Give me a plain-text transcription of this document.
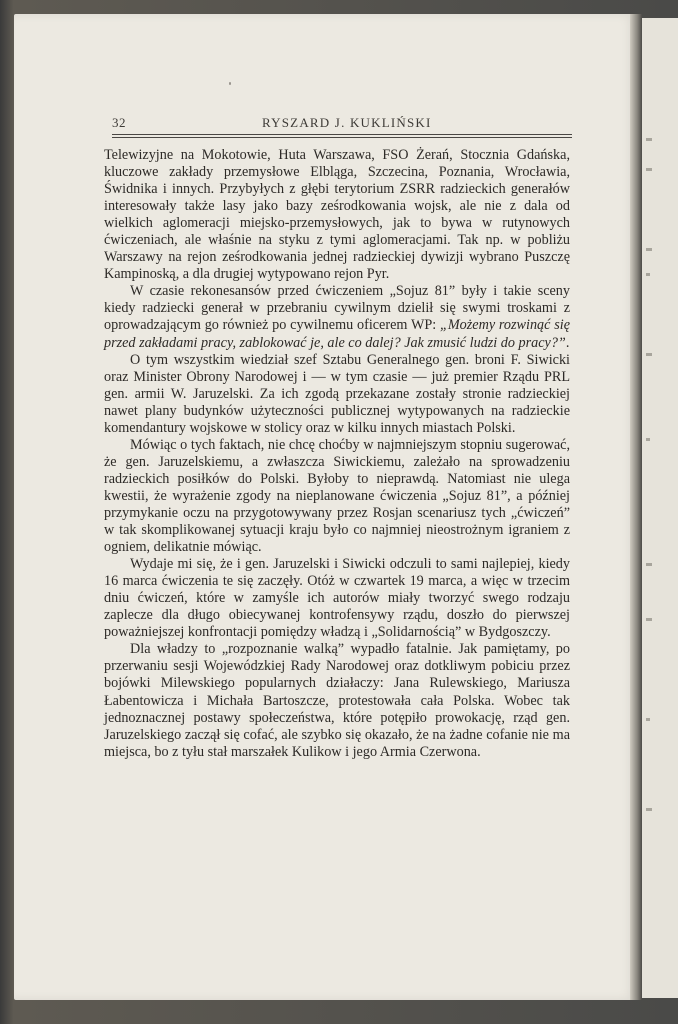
32	RYSZARD J. KUKLIŃSKI

Telewizyjne na Mokotowie, Huta Warszawa, FSO Żerań, Stocznia Gdańska, kluczowe zakłady przemysłowe Elbląga, Szczecina, Poznania, Wrocławia, Świdnika i innych. Przybyłych z głębi terytorium ZSRR radzieckich generałów interesowały także lasy jako bazy ześrodkowania wojsk, ale nie z dala od wielkich aglomeracji miejsko-przemysłowych, jak to bywa w rutynowych ćwiczeniach, ale właśnie na styku z tymi aglomeracjami. Tak np. w pobliżu Warszawy na rejon ześrodkowania jednej radzieckiej dywizji wybrano Puszczę Kampinoską, a dla drugiej wytypowano rejon Pyr.

W czasie rekonesansów przed ćwiczeniem „Sojuz 81” były i takie sceny kiedy radziecki generał w przebraniu cywilnym dzielił się swymi troskami z oprowadzającym go również po cywilnemu oficerem WP: „Możemy rozwinąć się przed zakładami pracy, zablokować je, ale co dalej? Jak zmusić ludzi do pracy?”.

O tym wszystkim wiedział szef Sztabu Generalnego gen. broni F. Siwicki oraz Minister Obrony Narodowej i — w tym czasie — już premier Rządu PRL gen. armii W. Jaruzelski. Za ich zgodą przekazane zostały stronie radzieckiej nawet plany budynków użyteczności publicznej wytypowanych na radzieckie komendantury wojskowe w stolicy oraz w kilku innych miastach Polski.

Mówiąc o tych faktach, nie chcę choćby w najmniejszym stopniu sugerować, że gen. Jaruzelskiemu, a zwłaszcza Siwickiemu, zależało na sprowadzeniu radzieckich posiłków do Polski. Byłoby to nieprawdą. Natomiast nie ulega kwestii, że wyrażenie zgody na nieplanowane ćwiczenia „Sojuz 81”, a później przymykanie oczu na przygotowywany przez Rosjan scenariusz tych „ćwiczeń” w tak skomplikowanej sytuacji kraju było co najmniej nieostrożnym igraniem z ogniem, delikatnie mówiąc.

Wydaje mi się, że i gen. Jaruzelski i Siwicki odczuli to sami najlepiej, kiedy 16 marca ćwiczenia te się zaczęły. Otóż w czwartek 19 marca, a więc w trzecim dniu ćwiczeń, które w zamyśle ich autorów miały tworzyć swego rodzaju zaplecze dla długo obiecywanej kontrofensywy rządu, doszło do pierwszej poważniejszej konfrontacji pomiędzy władzą i „Solidarnością” w Bydgoszczy.

Dla władzy to „rozpoznanie walką” wypadło fatalnie. Jak pamiętamy, po przerwaniu sesji Wojewódzkiej Rady Narodowej oraz dotkliwym pobiciu przez bojówki Milewskiego popularnych działaczy: Jana Rulewskiego, Mariusza Łabentowicza i Michała Bartoszcze, protestowała cała Polska. Wobec tak jednoznacznej postawy społeczeństwa, które potępiło prowokację, rząd gen. Jaruzelskiego zaczął się cofać, ale szybko się okazało, że na żadne cofanie nie ma miejsca, bo z tyłu stał marszałek Kulikow i jego Armia Czerwona.
